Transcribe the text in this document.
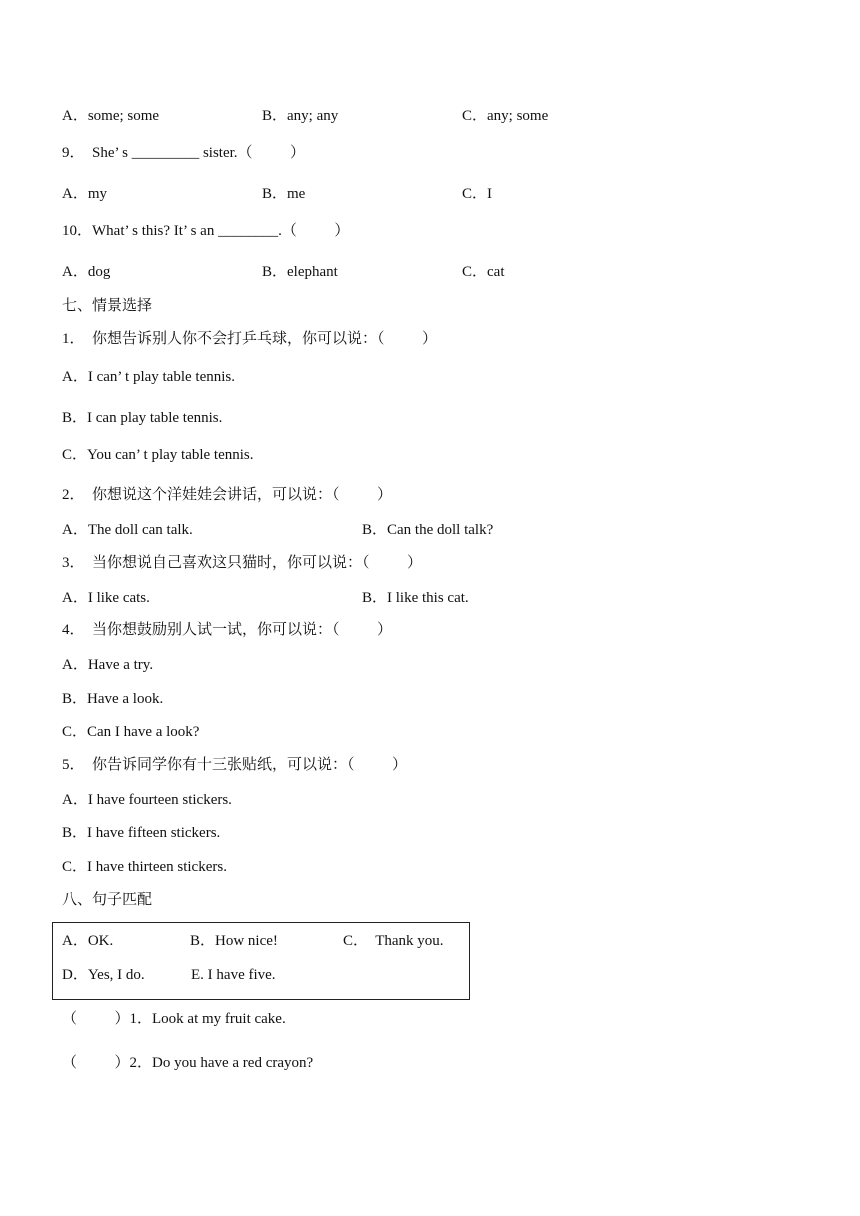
A．some; some	B．any; any	C．any; some
9．  She’ s _________ sister.（          ）
A．my	B．me	C．I
10．What’ s this? It’ s an ________.（          ）
A．dog	B．elephant	C．cat
七、情景选择
1．  你想告诉别人你不会打乒乓球，你可以说：（          ）
A．I can’ t play table tennis.
B．I can play table tennis.
C．You can’ t play table tennis.
2．  你想说这个洋娃娃会讲话，可以说：（          ）
A．The doll can talk.	B．Can the doll talk?
3．  当你想说自己喜欢这只猫时，你可以说：（          ）
A．I like cats.	B．I like this cat.
4．  当你想鼓励别人试一试，你可以说：（          ）
A．Have a try.
B．Have a look.
C．Can I have a look?
5．  你告诉同学你有十三张贴纸，可以说：（          ）
A．I have fourteen stickers.
B．I have fifteen stickers.
C．I have thirteen stickers.
八、句子匹配
A．OK.	B．How nice!	C．  Thank you.
D．Yes, I do.	E. I have five.
（          ）1．Look at my fruit cake.
（          ）2．Do you have a red crayon?
